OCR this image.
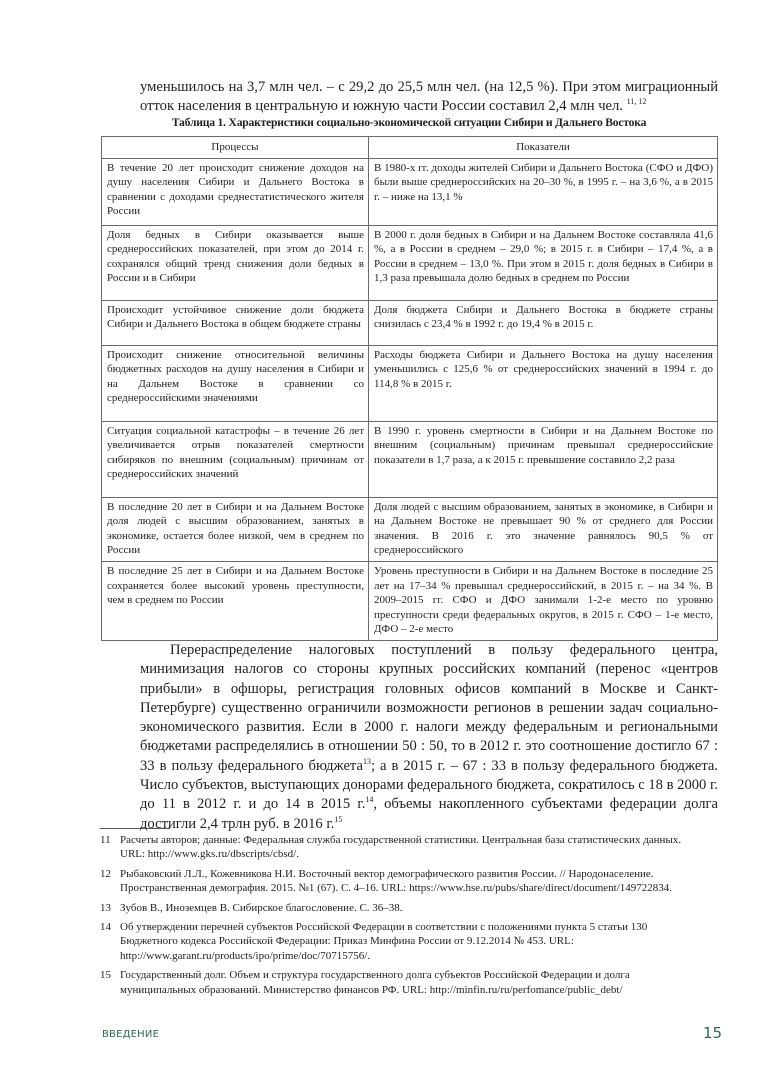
уменьшилось на 3,7 млн чел. – с 29,2 до 25,5 млн чел. (на 12,5 %). При этом миграционный отток населения в центральную и южную части России составил 2,4 млн чел. $^{11, 12}$

Таблица 1. Характеристики социально-экономической ситуации Сибири и Дальнего Востока
Процессы	Показатели
В течение 20 лет происходит снижение доходов на душу населения Сибири и Дальнего Востока в сравнении с доходами среднестатистического жителя России	В 1980-х гг. доходы жителей Сибири и Дальнего Востока (СФО и ДФО) были выше среднероссийских на 20–30 %, в 1995 г. – на 3,6 %, а в 2015 г. – ниже на 13,1 %
Доля бедных в Сибири оказывается выше среднероссийских показателей, при этом до 2014 г. сохранялся общий тренд снижения доли бедных в России и в Сибири	В 2000 г. доля бедных в Сибири и на Дальнем Востоке составляла 41,6 %, а в России в среднем – 29,0 %; в 2015 г. в Сибири – 17,4 %, а в России в среднем – 13,0 %. При этом в 2015 г. доля бедных в Сибири в 1,3 раза превышала долю бедных в среднем по России
Происходит устойчивое снижение доли бюджета Сибири и Дальнего Востока в общем бюджете страны	Доля бюджета Сибири и Дальнего Востока в бюджете страны снизилась с 23,4 % в 1992 г. до 19,4 % в 2015 г.
Происходит снижение относительной величины бюджетных расходов на душу населения в Сибири и на Дальнем Востоке в сравнении со среднероссийскими значениями	Расходы бюджета Сибири и Дальнего Востока на душу населения уменьшились с 125,6 % от среднероссийских значений в 1994 г. до 114,8 % в 2015 г.
Ситуация социальной катастрофы – в течение 26 лет увеличивается отрыв показателей смертности сибиряков по внешним (социальным) причинам от среднероссийских значений	В 1990 г. уровень смертности в Сибири и на Дальнем Востоке по внешним (социальным) причинам превышал среднероссийские показатели в 1,7 раза, а к 2015 г. превышение составило 2,2 раза
В последние 20 лет в Сибири и на Дальнем Востоке доля людей с высшим образованием, занятых в экономике, остается более низкой, чем в среднем по России	Доля людей с высшим образованием, занятых в экономике, в Сибири и на Дальнем Востоке не превышает 90 % от среднего для России значения. В 2016 г. это значение равнялось 90,5 % от среднероссийского
В последние 25 лет в Сибири и на Дальнем Востоке сохраняется более высокий уровень преступности, чем в среднем по России	Уровень преступности в Сибири и на Дальнем Востоке в последние 25 лет на 17–34 % превышал среднероссийский, в 2015 г. – на 34 %. В 2009–2015 гг. СФО и ДФО занимали 1-2-е место по уровню преступности среди федеральных округов, в 2015 г. СФО – 1-е место, ДФО – 2-е место

Перераспределение налоговых поступлений в пользу федерального центра, минимизация налогов со стороны крупных российских компаний (перенос «центров прибыли» в офшоры, регистрация головных офисов компаний в Москве и Санкт-Петербурге) существенно ограничили возможности регионов в решении задач социально-экономического развития. Если в 2000 г. налоги между федеральным и региональными бюджетами распределялись в отношении 50 : 50, то в 2012 г. это соотношение достигло 67 : 33 в пользу федерального бюджета$^{13}$; а в 2015 г. – 67 : 33 в пользу федерального бюджета. Число субъектов, выступающих донорами федерального бюджета, сократилось с 18 в 2000 г. до 11 в 2012 г. и до 14 в 2015 г.$^{14}$, объемы накопленного субъектами федерации долга достигли 2,4 трлн руб. в 2016 г.$^{15}$

11 Расчеты авторов; данные: Федеральная служба государственной статистики. Центральная база статистических данных. URL: http://www.gks.ru/dbscripts/cbsd/.
12 Рыбаковский Л.Л., Кожевникова Н.И. Восточный вектор демографического развития России. // Народонаселение. Пространственная демография. 2015. №1 (67). С. 4–16. URL: https://www.hse.ru/pubs/share/direct/document/149722834.
13 Зубов В., Иноземцев В. Сибирское благословение. С. 36–38.
14 Об утверждении перечней субъектов Российской Федерации в соответствии с положениями пункта 5 статьи 130 Бюджетного кодекса Российской Федерации: Приказ Минфина России от 9.12.2014 № 453. URL: http://www.garant.ru/products/ipo/prime/doc/70715756/.
15 Государственный долг. Объем и структура государственного долга субъектов Российской Федерации и долга муниципальных образований. Министерство финансов РФ. URL: http://minfin.ru/ru/perfomance/public_debt/
ВВЕДЕНИЕ	15
